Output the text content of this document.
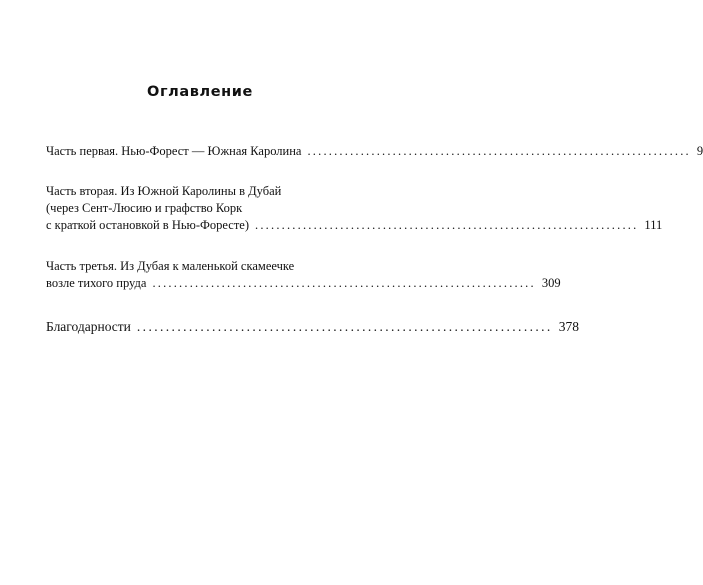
Оглавление
Часть первая. Нью-Форест — Южная Каролина ........................................................................ 9
Часть вторая. Из Южной Каролины в Дубай
(через Сент-Люсию и графство Корк
с краткой остановкой в Нью-Форесте) ........................................................................ 111
Часть третья. Из Дубая к маленькой скамеечке
возле тихого пруда ........................................................................ 309
Благодарности ........................................................................ 378
